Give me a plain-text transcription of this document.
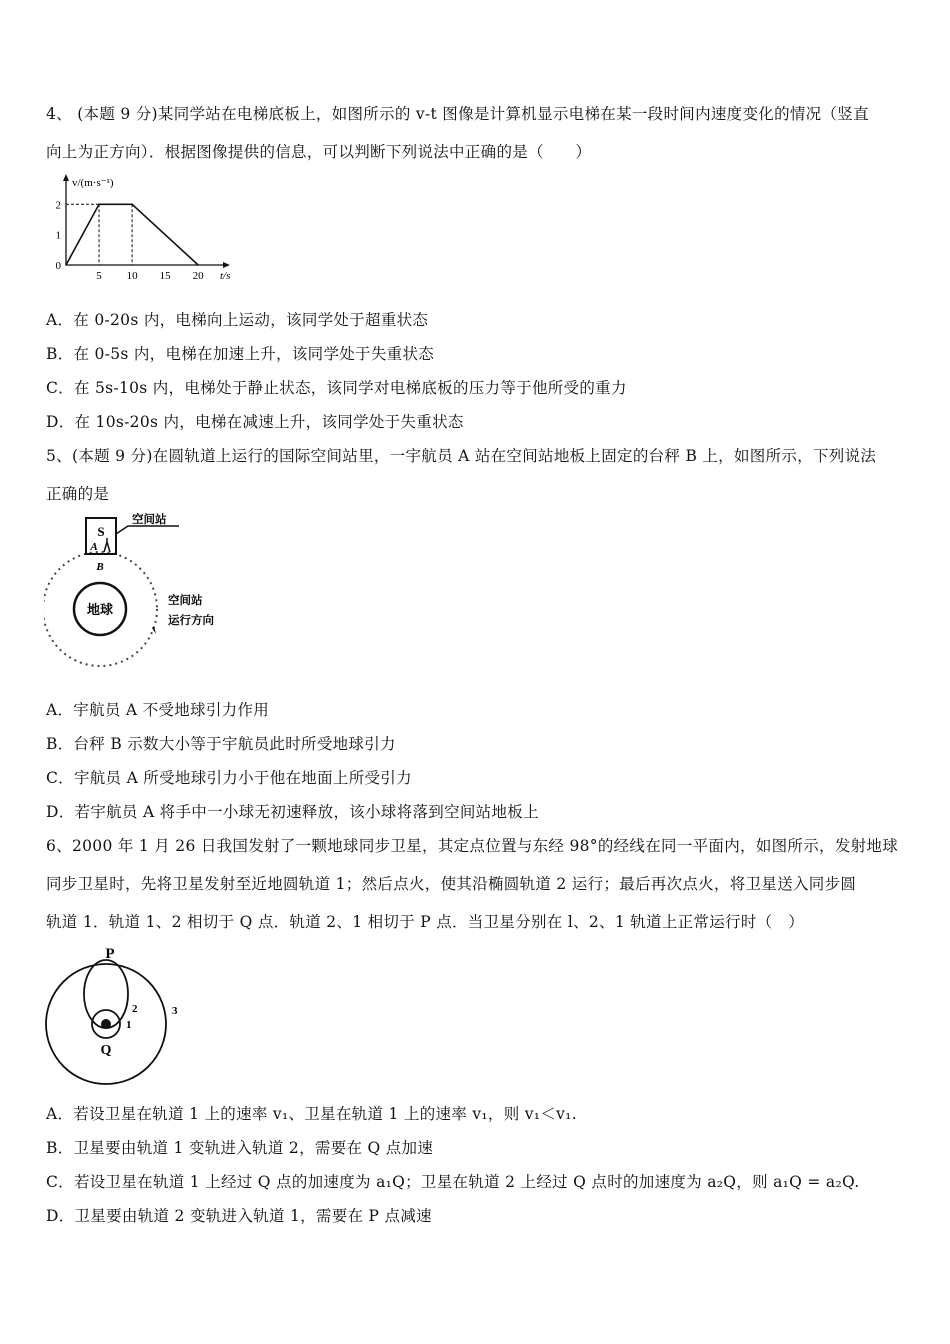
4、 (本题 9 分)某同学站在电梯底板上，如图所示的 v-t 图像是计算机显示电梯在某一段时间内速度变化的情况（竖直
向上为正方向）．根据图像提供的信息，可以判断下列说法中正确的是（　　）
v/(m·s⁻¹)
t/s
5 10 15 20
0
1
2
A．在 0-20s 内，电梯向上运动，该同学处于超重状态
B．在 0-5s 内，电梯在加速上升，该同学处于失重状态
C．在 5s-10s 内，电梯处于静止状态，该同学对电梯底板的压力等于他所受的重力
D．在 10s-20s 内，电梯在减速上升，该同学处于失重状态
5、(本题 9 分)在圆轨道上运行的国际空间站里，一宇航员 A 站在空间站地板上固定的台秤 B 上，如图所示，下列说法
正确的是
地球
S
A
B
空间站
空间站
运行方向
A．宇航员 A 不受地球引力作用
B．台秤 B 示数大小等于宇航员此时所受地球引力
C．宇航员 A 所受地球引力小于他在地面上所受引力
D．若宇航员 A 将手中一小球无初速释放，该小球将落到空间站地板上
6、2000 年 1 月 26 日我国发射了一颗地球同步卫星，其定点位置与东经 98°的经线在同一平面内，如图所示，发射地球
同步卫星时，先将卫星发射至近地圆轨道 1；然后点火，使其沿椭圆轨道 2 运行；最后再次点火，将卫星送入同步圆
轨道 1．轨道 1、2 相切于 Q 点．轨道 2、1 相切于 P 点．当卫星分别在 l、2、1 轨道上正常运行时（　）
P
1
2	3
Q
A．若设卫星在轨道 1 上的速率 v₁、卫星在轨道 1 上的速率 v₁，则 v₁＜v₁.
B．卫星要由轨道 1 变轨进入轨道 2，需要在 Q 点加速
C．若设卫星在轨道 1 上经过 Q 点的加速度为 a₁Q；卫星在轨道 2 上经过 Q 点时的加速度为 a₂Q，则 a₁Q = a₂Q.
D．卫星要由轨道 2 变轨进入轨道 1，需要在 P 点减速
